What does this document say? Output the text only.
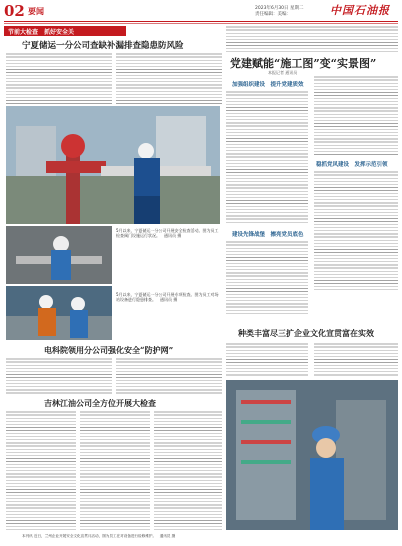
02 要闻	2023年6月30日 星期二
责任编辑：美编：	中国石油报
节前大检查　抓好安全关
宁夏储运一分公司查缺补漏排查隐患防风险
党建赋能“施工图”变“实景图”
本报记者 通讯员
加强组织建设　提升党建质效
稳抓党风建设　发挥示范引领
建设先锋战堡　擦亮党员底色
5月以来，宁夏储运一分公司开展安全检查活动。图为员工检查阀门设施运行状况。　通讯员 摄
5月以来，宁夏储运一分公司开展专项检查。图为员工对场站设备进行隐患排查。　通讯员 摄
电科院领用分公司强化安全“防护网”
吉林江油公司全方位开展大检查
种类丰富尽三扩企业文化宣贯富在实效
本刊讯 近日，兰州企业开展安全文化宣贯月活动，图为员工在对设备进行检修维护。　通讯员 摄
